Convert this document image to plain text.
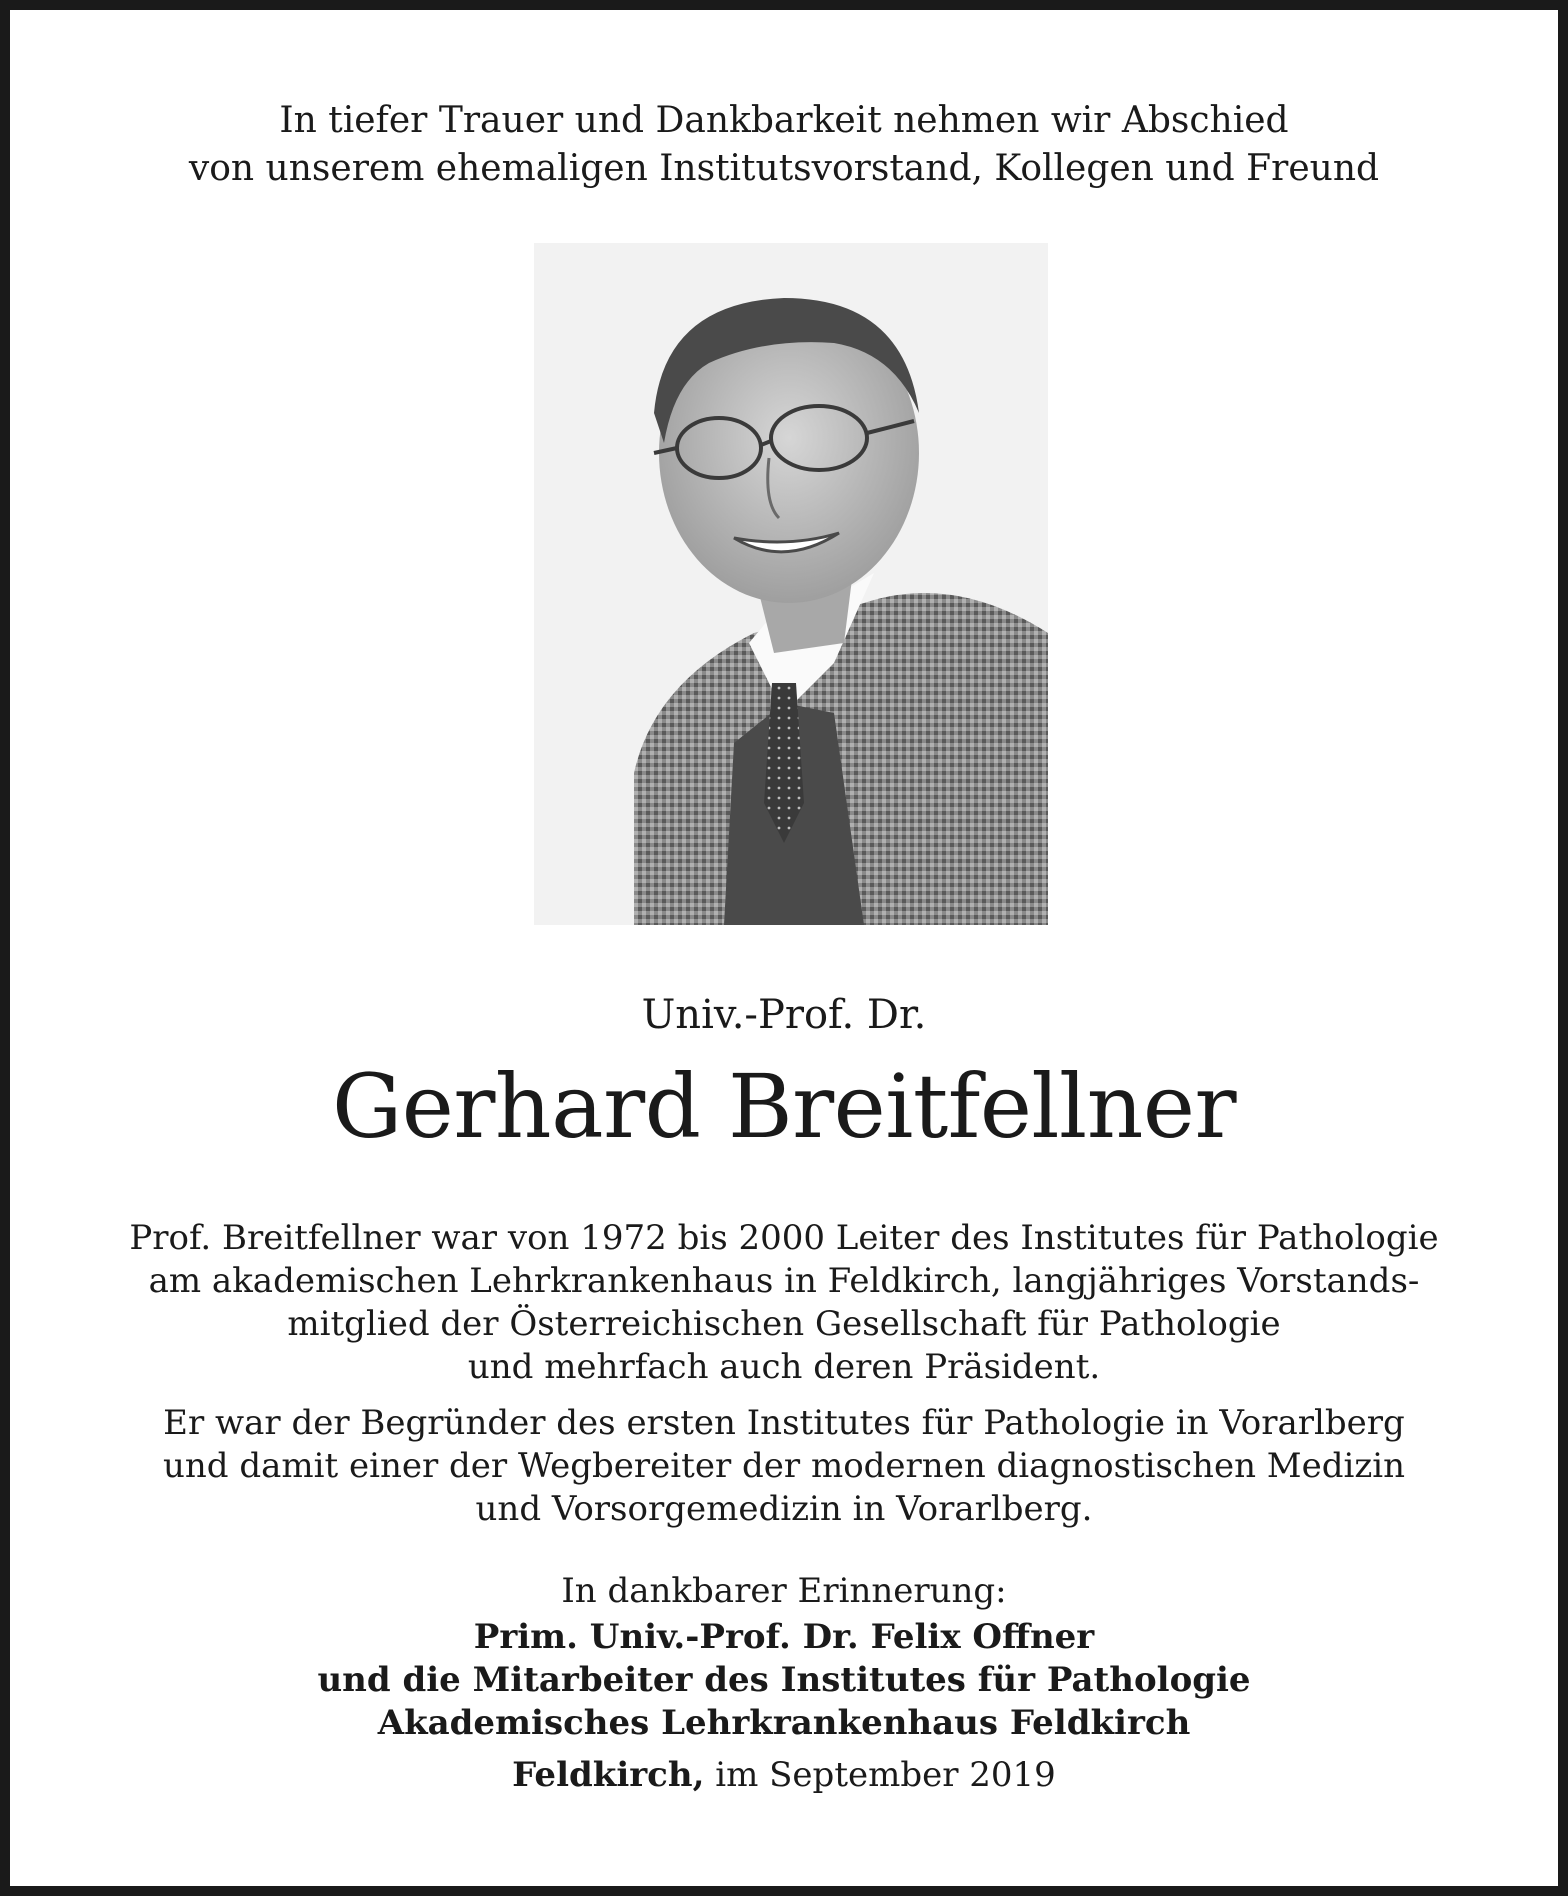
In tiefer Trauer und Dankbarkeit nehmen wir Abschied
von unserem ehemaligen Institutsvorstand, Kollegen und Freund
Univ.-Prof. Dr.
Gerhard Breitfellner
Prof. Breitfellner war von 1972 bis 2000 Leiter des Institutes für Pathologie
am akademischen Lehrkrankenhaus in Feldkirch, langjähriges Vorstands-
mitglied der Österreichischen Gesellschaft für Pathologie
und mehrfach auch deren Präsident.
Er war der Begründer des ersten Institutes für Pathologie in Vorarlberg
und damit einer der Wegbereiter der modernen diagnostischen Medizin
und Vorsorgemedizin in Vorarlberg.
In dankbarer Erinnerung:
Prim. Univ.-Prof. Dr. Felix Offner
und die Mitarbeiter des Institutes für Pathologie
Akademisches Lehrkrankenhaus Feldkirch
Feldkirch, im September 2019
